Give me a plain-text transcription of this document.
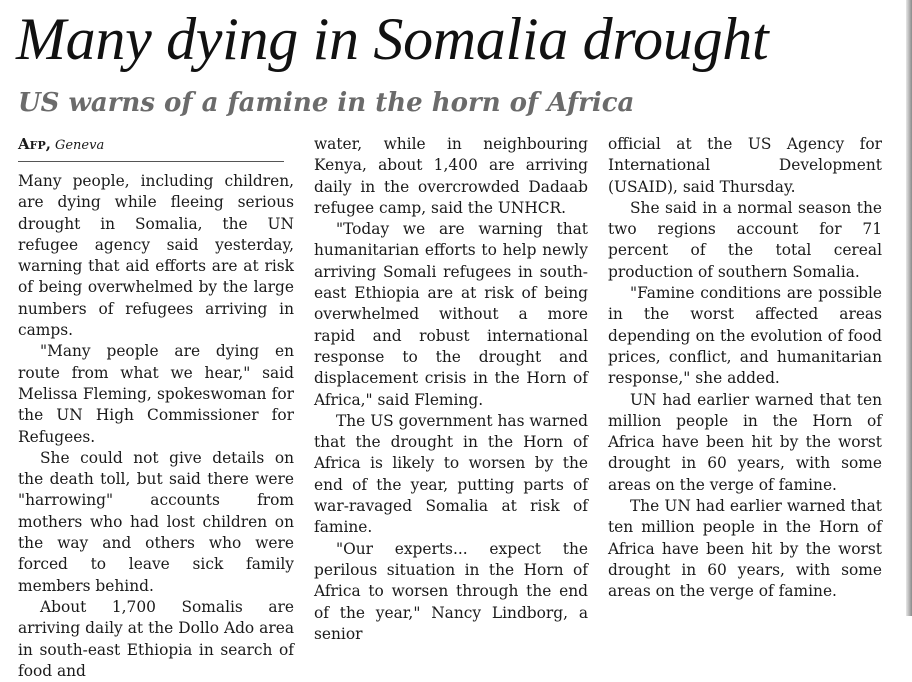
Many dying in Somalia drought
US warns of a famine in the horn of Africa
Afp, Geneva

Many people, including children, are dying while fleeing serious drought in Somalia, the UN refugee agency said yesterday, warning that aid efforts are at risk of being overwhelmed by the large numbers of refugees arriving in camps.

"Many people are dying en route from what we hear," said Melissa Fleming, spokeswoman for the UN High Commissioner for Refugees.

She could not give details on the death toll, but said there were "harrowing" accounts from mothers who had lost children on the way and others who were forced to leave sick family members behind.

About 1,700 Somalis are arriving daily at the Dollo Ado area in south-east Ethiopia in search of food and

water, while in neighbouring Kenya, about 1,400 are arriving daily in the overcrowded Dadaab refugee camp, said the UNHCR.

"Today we are warning that humanitarian efforts to help newly arriving Somali refugees in south-east Ethiopia are at risk of being overwhelmed without a more rapid and robust international response to the drought and displacement crisis in the Horn of Africa," said Fleming.

The US government has warned that the drought in the Horn of Africa is likely to worsen by the end of the year, putting parts of war-ravaged Somalia at risk of famine.

"Our experts... expect the perilous situation in the Horn of Africa to worsen through the end of the year," Nancy Lindborg, a senior

official at the US Agency for International Development (USAID), said Thursday.

She said in a normal season the two regions account for 71 percent of the total cereal production of southern Somalia.

"Famine conditions are possible in the worst affected areas depending on the evolution of food prices, conflict, and humanitarian response," she added.

UN had earlier warned that ten million people in the Horn of Africa have been hit by the worst drought in 60 years, with some areas on the verge of famine.

The UN had earlier warned that ten million people in the Horn of Africa have been hit by the worst drought in 60 years, with some areas on the verge of famine.
